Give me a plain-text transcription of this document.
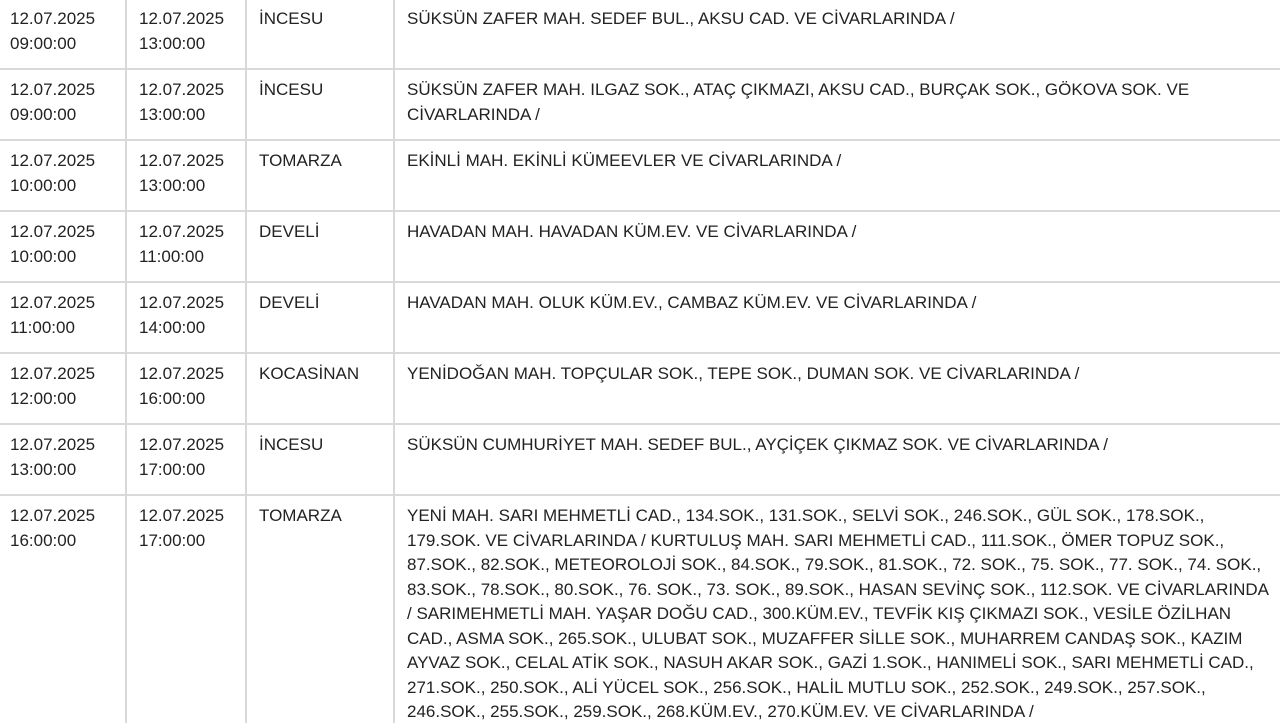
12.07.2025
09:00:00	12.07.2025
13:00:00	İNCESU	SÜKSÜN ZAFER MAH. SEDEF BUL., AKSU CAD. VE CİVARLARINDA /

12.07.2025
09:00:00	12.07.2025
13:00:00	İNCESU	SÜKSÜN ZAFER MAH. ILGAZ SOK., ATAÇ ÇIKMAZI, AKSU CAD., BURÇAK SOK., GÖKOVA SOK. VE CİVARLARINDA /

12.07.2025
10:00:00	12.07.2025
13:00:00	TOMARZA	EKİNLİ MAH. EKİNLİ KÜMEEVLER VE CİVARLARINDA /

12.07.2025
10:00:00	12.07.2025
11:00:00	DEVELİ	HAVADAN MAH. HAVADAN KÜM.EV. VE CİVARLARINDA /

12.07.2025
11:00:00	12.07.2025
14:00:00	DEVELİ	HAVADAN MAH. OLUK KÜM.EV., CAMBAZ KÜM.EV. VE CİVARLARINDA /

12.07.2025
12:00:00	12.07.2025
16:00:00	KOCASİNAN	YENİDOĞAN MAH. TOPÇULAR SOK., TEPE SOK., DUMAN SOK. VE CİVARLARINDA /

12.07.2025
13:00:00	12.07.2025
17:00:00	İNCESU	SÜKSÜN CUMHURİYET MAH. SEDEF BUL., AYÇİÇEK ÇIKMAZ SOK. VE CİVARLARINDA /

12.07.2025
16:00:00	12.07.2025
17:00:00	TOMARZA	YENİ MAH. SARI MEHMETLİ CAD., 134.SOK., 131.SOK., SELVİ SOK., 246.SOK., GÜL SOK., 178.SOK., 179.SOK. VE CİVARLARINDA / KURTULUŞ MAH. SARI MEHMETLİ CAD., 111.SOK., ÖMER TOPUZ SOK., 87.SOK., 82.SOK., METEOROLOJİ SOK., 84.SOK., 79.SOK., 81.SOK., 72. SOK., 75. SOK., 77. SOK., 74. SOK., 83.SOK., 78.SOK., 80.SOK., 76. SOK., 73. SOK., 89.SOK., HASAN SEVİNÇ SOK., 112.SOK. VE CİVARLARINDA / SARIMEHMETLİ MAH. YAŞAR DOĞU CAD., 300.KÜM.EV., TEVFİK KIŞ ÇIKMAZI SOK., VESİLE ÖZİLHAN CAD., ASMA SOK., 265.SOK., ULUBAT SOK., MUZAFFER SİLLE SOK., MUHARREM CANDAŞ SOK., KAZIM AYVAZ SOK., CELAL ATİK SOK., NASUH AKAR SOK., GAZİ 1.SOK., HANIMELİ SOK., SARI MEHMETLİ CAD., 271.SOK., 250.SOK., ALİ YÜCEL SOK., 256.SOK., HALİL MUTLU SOK., 252.SOK., 249.SOK., 257.SOK., 246.SOK., 255.SOK., 259.SOK., 268.KÜM.EV., 270.KÜM.EV. VE CİVARLARINDA /
